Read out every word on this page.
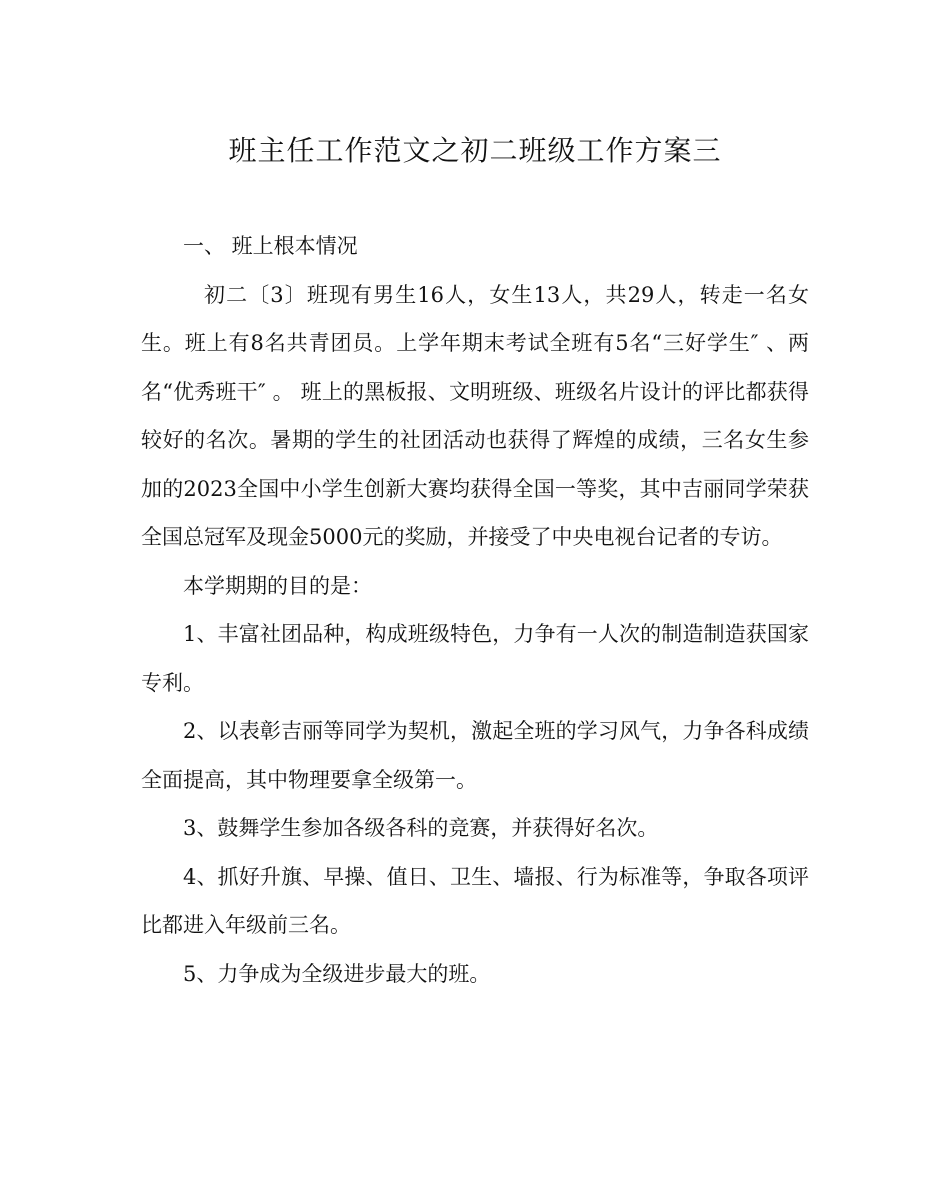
班主任工作范文之初二班级工作方案三

一、 班上根本情况

初二〔3〕班现有男生16人，女生13人，共29人，转走一名女生。班上有8名共青团员。上学年期末考试全班有5名“三好学生″ 、两名“优秀班干″ 。 班上的黑板报、文明班级、班级名片设计的评比都获得较好的名次。暑期的学生的社团活动也获得了辉煌的成绩，三名女生参加的2023全国中小学生创新大赛均获得全国一等奖，其中吉丽同学荣获全国总冠军及现金5000元的奖励，并接受了中央电视台记者的专访。

本学期期的目的是：

1、丰富社团品种，构成班级特色，力争有一人次的制造制造获国家专利。

2、以表彰吉丽等同学为契机，激起全班的学习风气，力争各科成绩全面提高，其中物理要拿全级第一。

3、鼓舞学生参加各级各科的竞赛，并获得好名次。

4、抓好升旗、早操、值日、卫生、墙报、行为标准等，争取各项评比都进入年级前三名。

5、力争成为全级进步最大的班。
